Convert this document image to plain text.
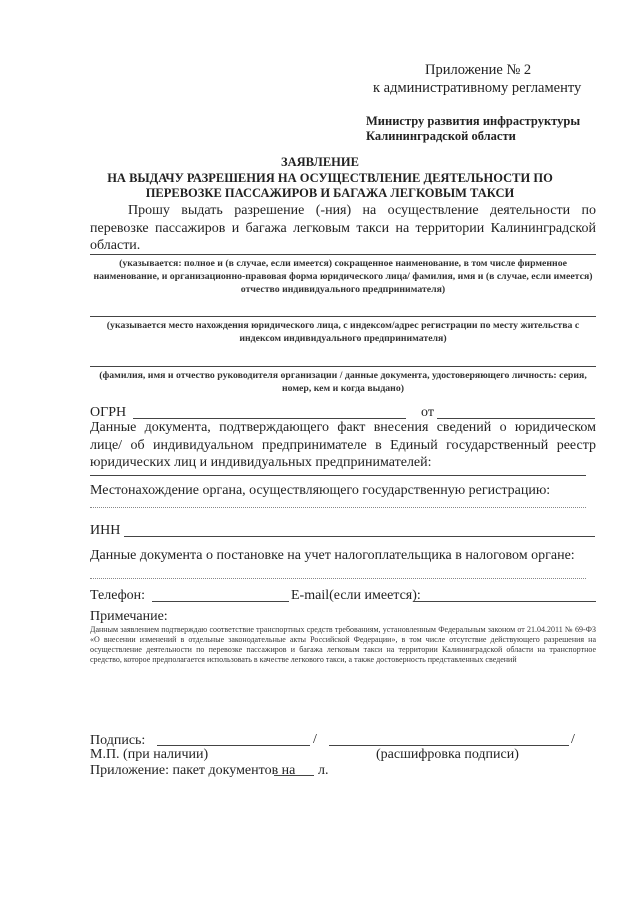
Приложение № 2
к административному регламенту
Министру развития инфраструктуры
Калининградской области
ЗАЯВЛЕНИЕ
НА ВЫДАЧУ РАЗРЕШЕНИЯ НА ОСУЩЕСТВЛЕНИЕ ДЕЯТЕЛЬНОСТИ ПО
ПЕРЕВОЗКЕ ПАССАЖИРОВ И БАГАЖА ЛЕГКОВЫМ ТАКСИ
Прошу выдать разрешение (-ния) на осуществление деятельности по перевозке пассажиров и багажа легковым такси на территории Калининградской области.
(указывается: полное и (в случае, если имеется) сокращенное наименование, в том числе фирменное наименование, и организационно-правовая форма юридического лица/ фамилия, имя и (в случае, если имеется) отчество индивидуального предпринимателя)
(указывается место нахождения юридического лица, с индексом/адрес регистрации по месту жительства с индексом индивидуального предпринимателя)
(фамилия, имя и отчество руководителя организации / данные документа, удостоверяющего личность: серия, номер, кем и когда выдано)
ОГРН	от
Данные документа, подтверждающего факт внесения сведений о юридическом лице/ об индивидуальном предпринимателе в Единый государственный реестр юридических лиц и индивидуальных предпринимателей:
Местонахождение органа, осуществляющего государственную регистрацию:
ИНН
Данные документа о постановке на учет налогоплательщика в налоговом органе:
Телефон:	E-mail(если имеется):
Примечание:
Данным заявлением подтверждаю соответствие транспортных средств требованиям, установленным Федеральным законом от 21.04.2011 № 69-ФЗ «О внесении изменений в отдельные законодательные акты Российской Федерации», в том числе отсутствие действующего разрешения на осуществление деятельности по перевозке пассажиров и багажа легковым такси на территории Калининградской области на транспортное средство, которое предполагается использовать в качестве легкового такси, а также достоверность представленных сведений
Подпись:	/	/
М.П. (при наличии)	(расшифровка подписи)
Приложение: пакет документов на л.
